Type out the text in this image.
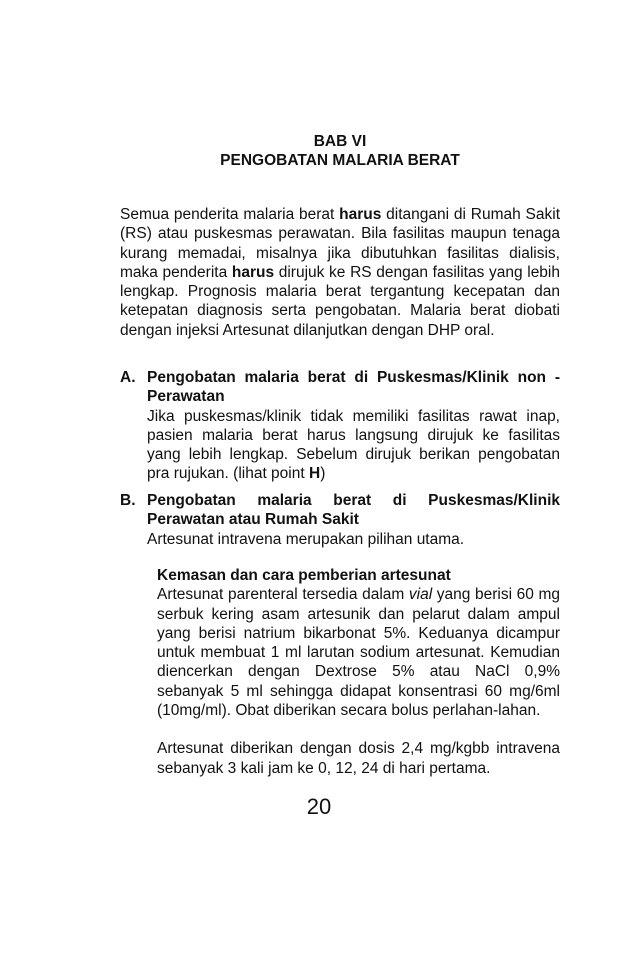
BAB VI
PENGOBATAN MALARIA BERAT
Semua penderita malaria berat harus ditangani di Rumah Sakit (RS) atau puskesmas perawatan. Bila fasilitas maupun tenaga kurang memadai, misalnya jika dibutuhkan fasilitas dialisis, maka penderita harus dirujuk ke RS dengan fasilitas yang lebih lengkap. Prognosis malaria berat tergantung kecepatan dan ketepatan diagnosis serta pengobatan. Malaria berat diobati dengan injeksi Artesunat dilanjutkan dengan DHP oral.
A. Pengobatan malaria berat di Puskesmas/Klinik non - Perawatan
Jika puskesmas/klinik tidak memiliki fasilitas rawat inap, pasien malaria berat harus langsung dirujuk ke fasilitas yang lebih lengkap. Sebelum dirujuk berikan pengobatan pra rujukan. (lihat point H)
B. Pengobatan malaria berat di Puskesmas/Klinik Perawatan atau Rumah Sakit
Artesunat intravena merupakan pilihan utama.
Kemasan dan cara pemberian artesunat
Artesunat parenteral tersedia dalam vial yang berisi 60 mg serbuk kering asam artesunik dan pelarut dalam ampul yang berisi natrium bikarbonat 5%. Keduanya dicampur untuk membuat 1 ml larutan sodium artesunat. Kemudian diencerkan dengan Dextrose 5% atau NaCl 0,9% sebanyak 5 ml sehingga didapat konsentrasi 60 mg/6ml (10mg/ml). Obat diberikan secara bolus perlahan-lahan.
Artesunat diberikan dengan dosis 2,4 mg/kgbb intravena sebanyak 3 kali jam ke 0, 12, 24 di hari pertama.
20
